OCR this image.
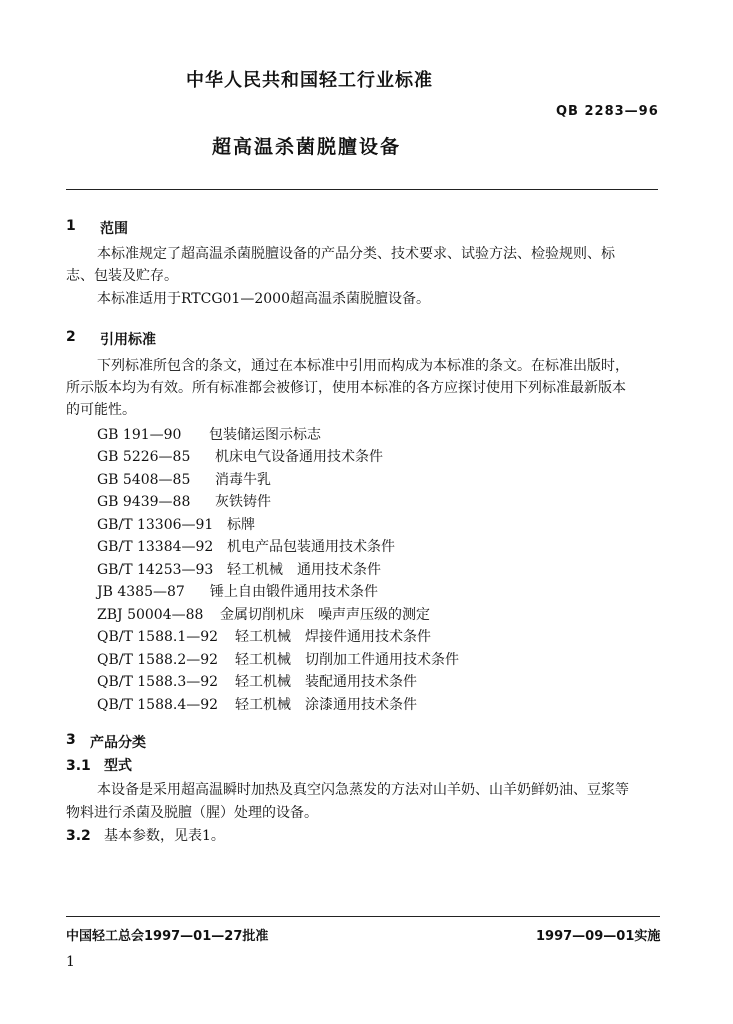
中华人民共和国轻工行业标准
QB 2283—96
超高温杀菌脱膻设备
1 范围
本标准规定了超高温杀菌脱膻设备的产品分类、技术要求、试验方法、检验规则、标
志、包装及贮存。
本标准适用于RTCG01—2000超高温杀菌脱膻设备。
2 引用标准
下列标准所包含的条文，通过在本标准中引用而构成为本标准的条文。在标准出版时，
所示版本均为有效。所有标准都会被修订，使用本标准的各方应探讨使用下列标准最新版本
的可能性。
GB 191—90 包装储运图示标志
GB 5226—85 机床电气设备通用技术条件
GB 5408—85 消毒牛乳
GB 9439—88 灰铁铸件
GB/T 13306—91 标牌
GB/T 13384—92 机电产品包装通用技术条件
GB/T 14253—93 轻工机械　通用技术条件
JB 4385—87 锤上自由锻件通用技术条件
ZBJ 50004—88 金属切削机床　噪声声压级的测定
QB/T 1588.1—92 轻工机械　焊接件通用技术条件
QB/T 1588.2—92 轻工机械　切削加工件通用技术条件
QB/T 1588.3—92 轻工机械　装配通用技术条件
QB/T 1588.4—92 轻工机械　涂漆通用技术条件
3 产品分类
3.1 型式
本设备是采用超高温瞬时加热及真空闪急蒸发的方法对山羊奶、山羊奶鲜奶油、豆浆等
物料进行杀菌及脱膻（腥）处理的设备。
3.2 基本参数，见表1。
中国轻工总会1997—01—27批准	1997—09—01实施
1
